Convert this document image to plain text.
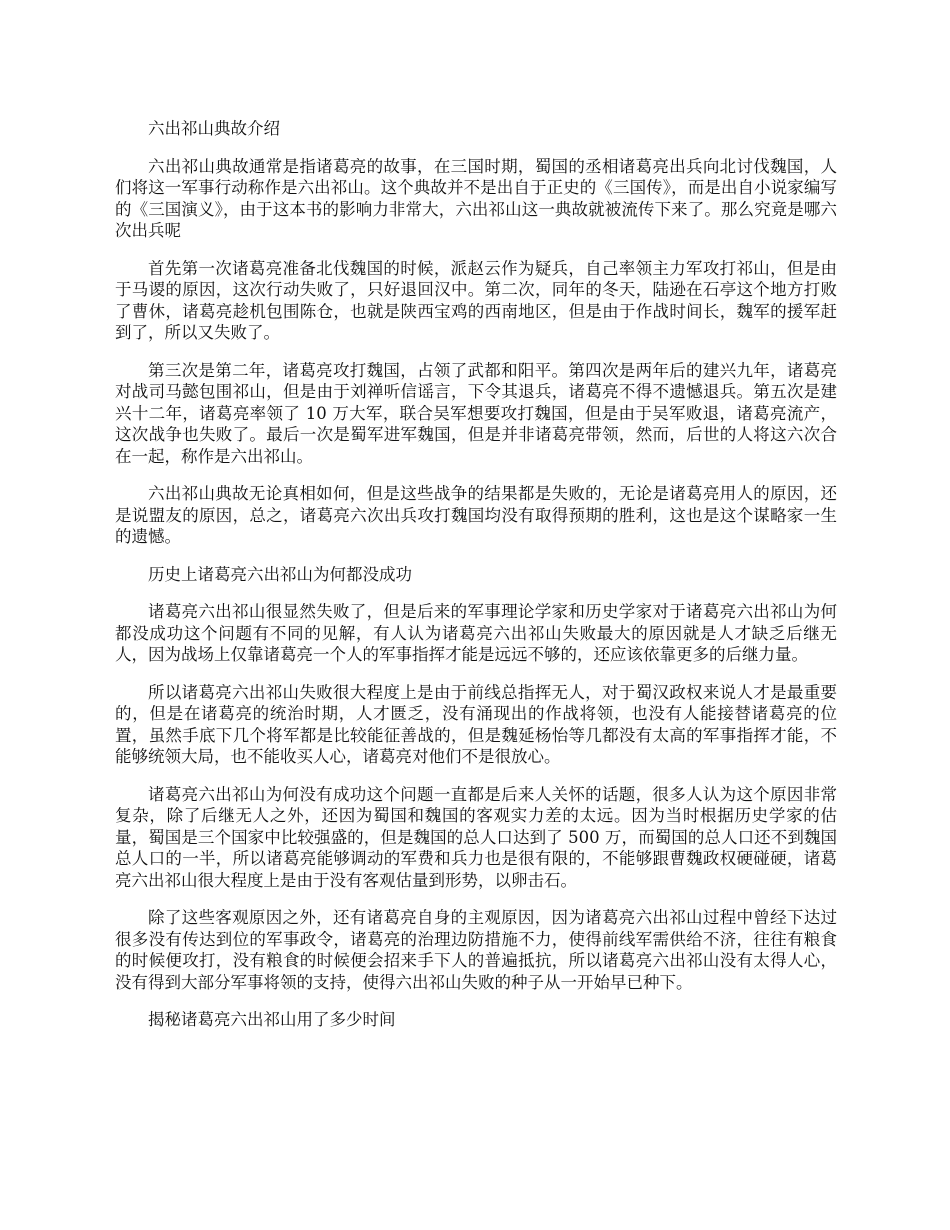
六出祁山典故介绍

六出祁山典故通常是指诸葛亮的故事，在三国时期，蜀国的丞相诸葛亮出兵向北讨伐魏国，人们将这一军事行动称作是六出祁山。这个典故并不是出自于正史的《三国传》，而是出自小说家编写的《三国演义》，由于这本书的影响力非常大，六出祁山这一典故就被流传下来了。那么究竟是哪六次出兵呢

首先第一次诸葛亮准备北伐魏国的时候，派赵云作为疑兵，自己率领主力军攻打祁山，但是由于马谡的原因，这次行动失败了，只好退回汉中。第二次，同年的冬天，陆逊在石亭这个地方打败了曹休，诸葛亮趁机包围陈仓，也就是陕西宝鸡的西南地区，但是由于作战时间长，魏军的援军赶到了，所以又失败了。

第三次是第二年，诸葛亮攻打魏国，占领了武都和阳平。第四次是两年后的建兴九年，诸葛亮对战司马懿包围祁山，但是由于刘禅听信谣言，下令其退兵，诸葛亮不得不遗憾退兵。第五次是建兴十二年，诸葛亮率领了 10 万大军，联合吴军想要攻打魏国，但是由于吴军败退，诸葛亮流产，这次战争也失败了。最后一次是蜀军进军魏国，但是并非诸葛亮带领，然而，后世的人将这六次合在一起，称作是六出祁山。

六出祁山典故无论真相如何，但是这些战争的结果都是失败的，无论是诸葛亮用人的原因，还是说盟友的原因，总之，诸葛亮六次出兵攻打魏国均没有取得预期的胜利，这也是这个谋略家一生的遗憾。

历史上诸葛亮六出祁山为何都没成功

诸葛亮六出祁山很显然失败了，但是后来的军事理论学家和历史学家对于诸葛亮六出祁山为何都没成功这个问题有不同的见解，有人认为诸葛亮六出祁山失败最大的原因就是人才缺乏后继无人，因为战场上仅靠诸葛亮一个人的军事指挥才能是远远不够的，还应该依靠更多的后继力量。

所以诸葛亮六出祁山失败很大程度上是由于前线总指挥无人，对于蜀汉政权来说人才是最重要的，但是在诸葛亮的统治时期，人才匮乏，没有涌现出的作战将领，也没有人能接替诸葛亮的位置，虽然手底下几个将军都是比较能征善战的，但是魏延杨怡等几都没有太高的军事指挥才能，不能够统领大局，也不能收买人心，诸葛亮对他们不是很放心。

诸葛亮六出祁山为何没有成功这个问题一直都是后来人关怀的话题，很多人认为这个原因非常复杂，除了后继无人之外，还因为蜀国和魏国的客观实力差的太远。因为当时根据历史学家的估量，蜀国是三个国家中比较强盛的，但是魏国的总人口达到了 500 万，而蜀国的总人口还不到魏国总人口的一半，所以诸葛亮能够调动的军费和兵力也是很有限的，不能够跟曹魏政权硬碰硬，诸葛亮六出祁山很大程度上是由于没有客观估量到形势，以卵击石。

除了这些客观原因之外，还有诸葛亮自身的主观原因，因为诸葛亮六出祁山过程中曾经下达过很多没有传达到位的军事政令，诸葛亮的治理边防措施不力，使得前线军需供给不济，往往有粮食的时候便攻打，没有粮食的时候便会招来手下人的普遍抵抗，所以诸葛亮六出祁山没有太得人心，没有得到大部分军事将领的支持，使得六出祁山失败的种子从一开始早已种下。

揭秘诸葛亮六出祁山用了多少时间
